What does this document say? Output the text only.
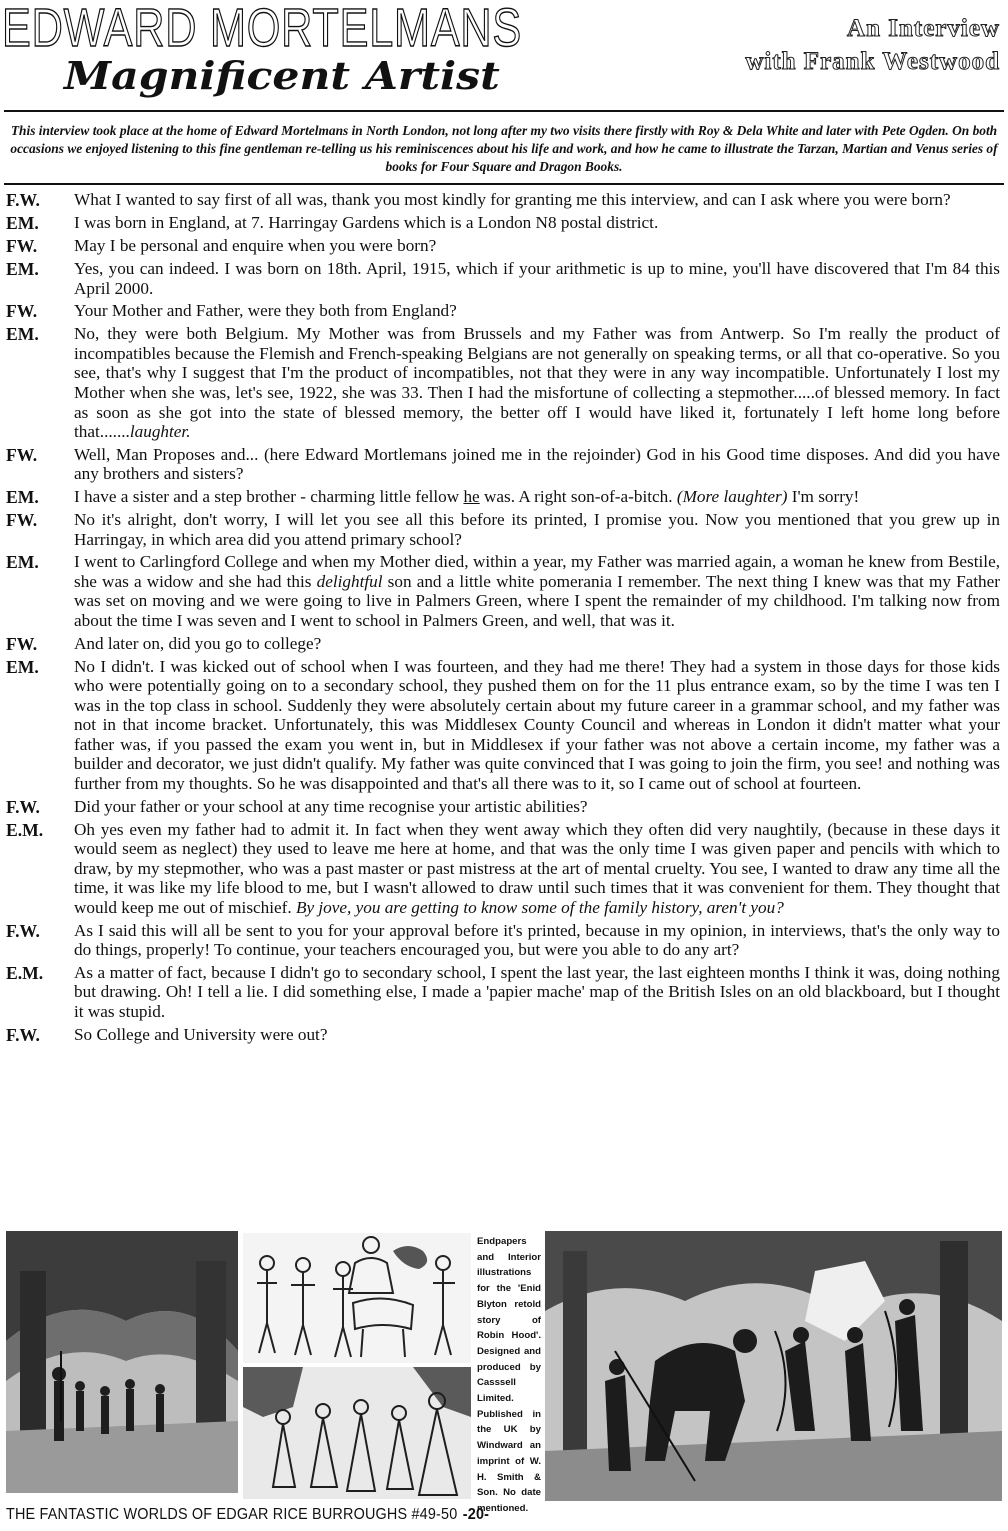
EDWARD MORTELMANS
Magnificent Artist
An Interview
with Frank Westwood
This interview took place at the home of Edward Mortelmans in North London, not long after my two visits there firstly with Roy & Dela White and later with Pete Ogden. On both occasions we enjoyed listening to this fine gentleman re-telling us his reminiscences about his life and work, and how he came to illustrate the Tarzan, Martian and Venus series of books for Four Square and Dragon Books.
F.W.	What I wanted to say first of all was, thank you most kindly for granting me this interview, and can I ask where you were born?
EM.	I was born in England, at 7. Harringay Gardens which is a London N8 postal district.
FW.	May I be personal and enquire when you were born?
EM.	Yes, you can indeed. I was born on 18th. April, 1915, which if your arithmetic is up to mine, you'll have discovered that I'm 84 this April 2000.
FW.	Your Mother and Father, were they both from England?
EM.	No, they were both Belgium. My Mother was from Brussels and my Father was from Antwerp. So I'm really the product of incompatibles because the Flemish and French-speaking Belgians are not generally on speaking terms, or all that co-operative. So you see, that's why I suggest that I'm the product of incompatibles, not that they were in any way incompatible. Unfortunately I lost my Mother when she was, let's see, 1922, she was 33. Then I had the misfortune of collecting a stepmother.....of blessed memory. In fact as soon as she got into the state of blessed memory, the better off I would have liked it, fortunately I left home long before that.......laughter.
FW.	Well, Man Proposes and... (here Edward Mortlemans joined me in the rejoinder) God in his Good time disposes. And did you have any brothers and sisters?
EM.	I have a sister and a step brother - charming little fellow he was. A right son-of-a-bitch. (More laughter) I'm sorry!
FW.	No it's alright, don't worry, I will let you see all this before its printed, I promise you. Now you mentioned that you grew up in Harringay, in which area did you attend primary school?
EM.	I went to Carlingford College and when my Mother died, within a year, my Father was married again, a woman he knew from Bestile, she was a widow and she had this delightful son and a little white pomerania I remember. The next thing I knew was that my Father was set on moving and we were going to live in Palmers Green, where I spent the remainder of my childhood. I'm talking now from about the time I was seven and I went to school in Palmers Green, and well, that was it.
FW.	And later on, did you go to college?
EM.	No I didn't. I was kicked out of school when I was fourteen, and they had me there! They had a system in those days for those kids who were potentially going on to a secondary school, they pushed them on for the 11 plus entrance exam, so by the time I was ten I was in the top class in school. Suddenly they were absolutely certain about my future career in a grammar school, and my father was not in that income bracket. Unfortunately, this was Middlesex County Council and whereas in London it didn't matter what your father was, if you passed the exam you went in, but in Middlesex if your father was not above a certain income, my father was a builder and decorator, we just didn't qualify. My father was quite convinced that I was going to join the firm, you see! and nothing was further from my thoughts. So he was disappointed and that's all there was to it, so I came out of school at fourteen.
F.W.	Did your father or your school at any time recognise your artistic abilities?
E.M.	Oh yes even my father had to admit it. In fact when they went away which they often did very naughtily, (because in these days it would seem as neglect) they used to leave me here at home, and that was the only time I was given paper and pencils with which to draw, by my stepmother, who was a past master or past mistress at the art of mental cruelty. You see, I wanted to draw any time all the time, it was like my life blood to me, but I wasn't allowed to draw until such times that it was convenient for them. They thought that would keep me out of mischief. By jove, you are getting to know some of the family history, aren't you?
F.W.	As I said this will all be sent to you for your approval before it's printed, because in my opinion, in interviews, that's the only way to do things, properly! To continue, your teachers encouraged you, but were you able to do any art?
E.M.	As a matter of fact, because I didn't go to secondary school, I spent the last year, the last eighteen months I think it was, doing nothing but drawing. Oh! I tell a lie. I did something else, I made a 'papier mache' map of the British Isles on an old blackboard, but I thought it was stupid.
F.W.	So College and University were out?
Endpapers and Interior illustrations for the 'Enid Blyton retold story of Robin Hood'. Designed and produced by Casssell Limited. Published in the UK by Windward an imprint of W. H. Smith & Son. No date mentioned.
THE FANTASTIC WORLDS OF EDGAR RICE BURROUGHS #49-50 -20-
